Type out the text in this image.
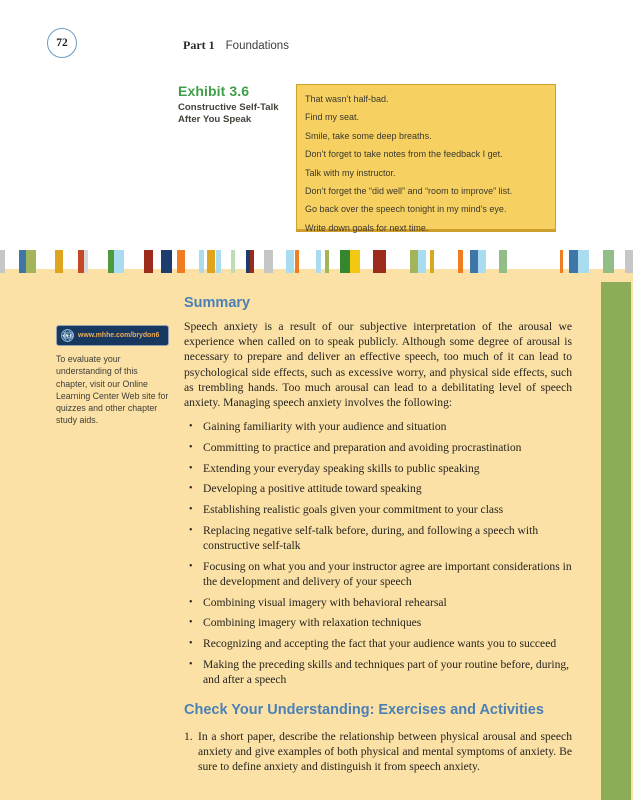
72	Part 1 Foundations
Exhibit 3.6
Constructive Self-Talk
After You Speak
That wasn’t half-bad.
Find my seat.
Smile, take some deep breaths.
Don’t forget to take notes from the feedback I get.
Talk with my instructor.
Don’t forget the “did well” and “room to improve” list.
Go back over the speech tonight in my mind’s eye.
Write down goals for next time.
OLC www.mhhe.com/brydon6
To evaluate your understanding of this chapter, visit our Online Learning Center Web site for quizzes and other chapter study aids.
Summary

Speech anxiety is a result of our subjective interpretation of the arousal we experience when called on to speak publicly. Although some degree of arousal is necessary to prepare and deliver an effective speech, too much of it can lead to psychological side effects, such as excessive worry, and physical side effects, such as trembling hands. Too much arousal can lead to a debilitating level of speech anxiety. Managing speech anxiety involves the following:

• Gaining familiarity with your audience and situation
• Committing to practice and preparation and avoiding procrastination
• Extending your everyday speaking skills to public speaking
• Developing a positive attitude toward speaking
• Establishing realistic goals given your commitment to your class
• Replacing negative self-talk before, during, and following a speech with constructive self-talk
• Focusing on what you and your instructor agree are important considerations in the development and delivery of your speech
• Combining visual imagery with behavioral rehearsal
• Combining imagery with relaxation techniques
• Recognizing and accepting the fact that your audience wants you to succeed
• Making the preceding skills and techniques part of your routine before, during, and after a speech
Check Your Understanding: Exercises and Activities
1. In a short paper, describe the relationship between physical arousal and speech anxiety and give examples of both physical and mental symptoms of anxiety. Be sure to define anxiety and distinguish it from speech anxiety.
